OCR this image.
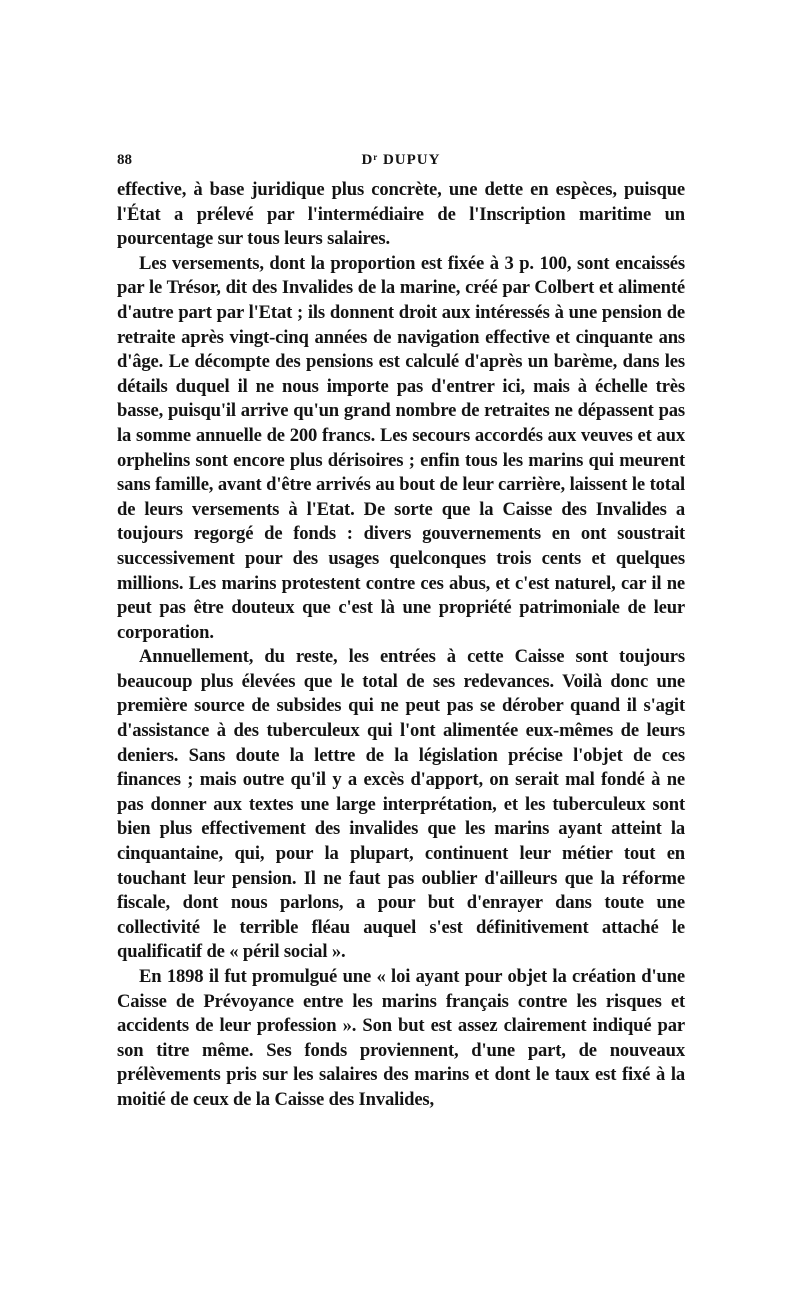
88	Dʳ DUPUY

effective, à base juridique plus concrète, une dette en espèces, puisque l'État a prélevé par l'intermédiaire de l'Inscription maritime un pourcentage sur tous leurs salaires.

Les versements, dont la proportion est fixée à 3 p. 100, sont encaissés par le Trésor, dit des Invalides de la marine, créé par Colbert et alimenté d'autre part par l'Etat ; ils donnent droit aux intéressés à une pension de retraite après vingt-cinq années de navigation effective et cinquante ans d'âge. Le décompte des pensions est calculé d'après un barème, dans les détails duquel il ne nous importe pas d'entrer ici, mais à échelle très basse, puisqu'il arrive qu'un grand nombre de retraites ne dépassent pas la somme annuelle de 200 francs. Les secours accordés aux veuves et aux orphelins sont encore plus dérisoires ; enfin tous les marins qui meurent sans famille, avant d'être arrivés au bout de leur carrière, laissent le total de leurs versements à l'Etat. De sorte que la Caisse des Invalides a toujours regorgé de fonds : divers gouvernements en ont soustrait successivement pour des usages quelconques trois cents et quelques millions. Les marins protestent contre ces abus, et c'est naturel, car il ne peut pas être douteux que c'est là une propriété patrimoniale de leur corporation.

Annuellement, du reste, les entrées à cette Caisse sont toujours beaucoup plus élevées que le total de ses redevances. Voilà donc une première source de subsides qui ne peut pas se dérober quand il s'agit d'assistance à des tuberculeux qui l'ont alimentée eux-mêmes de leurs deniers. Sans doute la lettre de la législation précise l'objet de ces finances ; mais outre qu'il y a excès d'apport, on serait mal fondé à ne pas donner aux textes une large interprétation, et les tuberculeux sont bien plus effectivement des invalides que les marins ayant atteint la cinquantaine, qui, pour la plupart, continuent leur métier tout en touchant leur pension. Il ne faut pas oublier d'ailleurs que la réforme fiscale, dont nous parlons, a pour but d'enrayer dans toute une collectivité le terrible fléau auquel s'est définitivement attaché le qualificatif de « péril social ».

En 1898 il fut promulgué une « loi ayant pour objet la création d'une Caisse de Prévoyance entre les marins français contre les risques et accidents de leur profession ». Son but est assez clairement indiqué par son titre même. Ses fonds proviennent, d'une part, de nouveaux prélèvements pris sur les salaires des marins et dont le taux est fixé à la moitié de ceux de la Caisse des Invalides,
